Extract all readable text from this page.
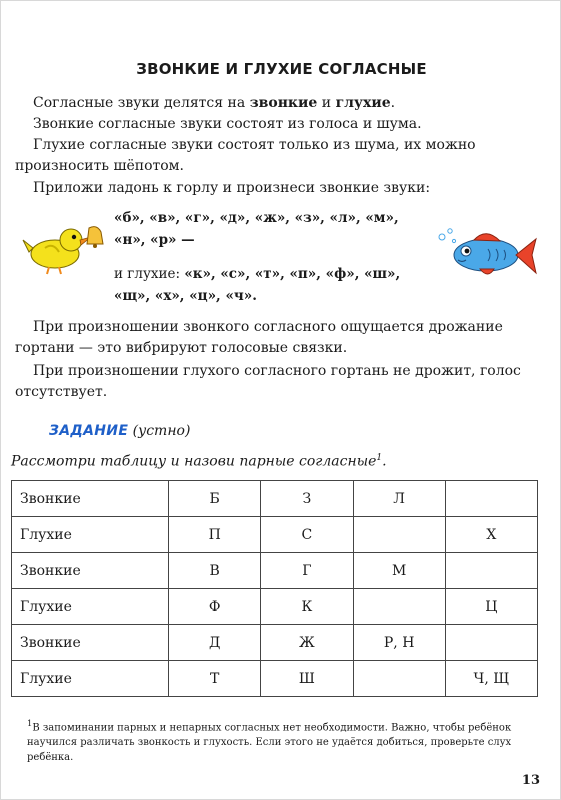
ЗВОНКИЕ И ГЛУХИЕ СОГЛАСНЫЕ
Согласные звуки делятся на звонкие и глухие.
Звонкие согласные звуки состоят из голоса и шума.
Глухие согласные звуки состоят только из шума, их можно произносить шёпотом.
Приложи ладонь к горлу и произнеси звонкие звуки:
«б», «в», «г», «д», «ж», «з», «л», «м»,
«н», «р» —
и глухие: «к», «с», «т», «п», «ф», «ш»,
«щ», «х», «ц», «ч».
При произношении звонкого согласного ощущается дрожание гортани — это вибрируют голосовые связки.
При произношении глухого согласного гортань не дрожит, голос отсутствует.
ЗАДАНИЕ (устно)
Рассмотри таблицу и назови парные согласные$^1$.
Звонкие	Б	З	Л	
Глухие	П	С		Х
Звонкие	В	Г	М	
Глухие	Ф	К		Ц
Звонкие	Д	Ж	Р, Н	
Глухие	Т	Ш		Ч, Щ
$^1$В запоминании парных и непарных согласных нет необходимости. Важно, чтобы ребёнок научился различать звонкость и глухость. Если этого не удаётся добиться, проверьте слух ребёнка.
13
